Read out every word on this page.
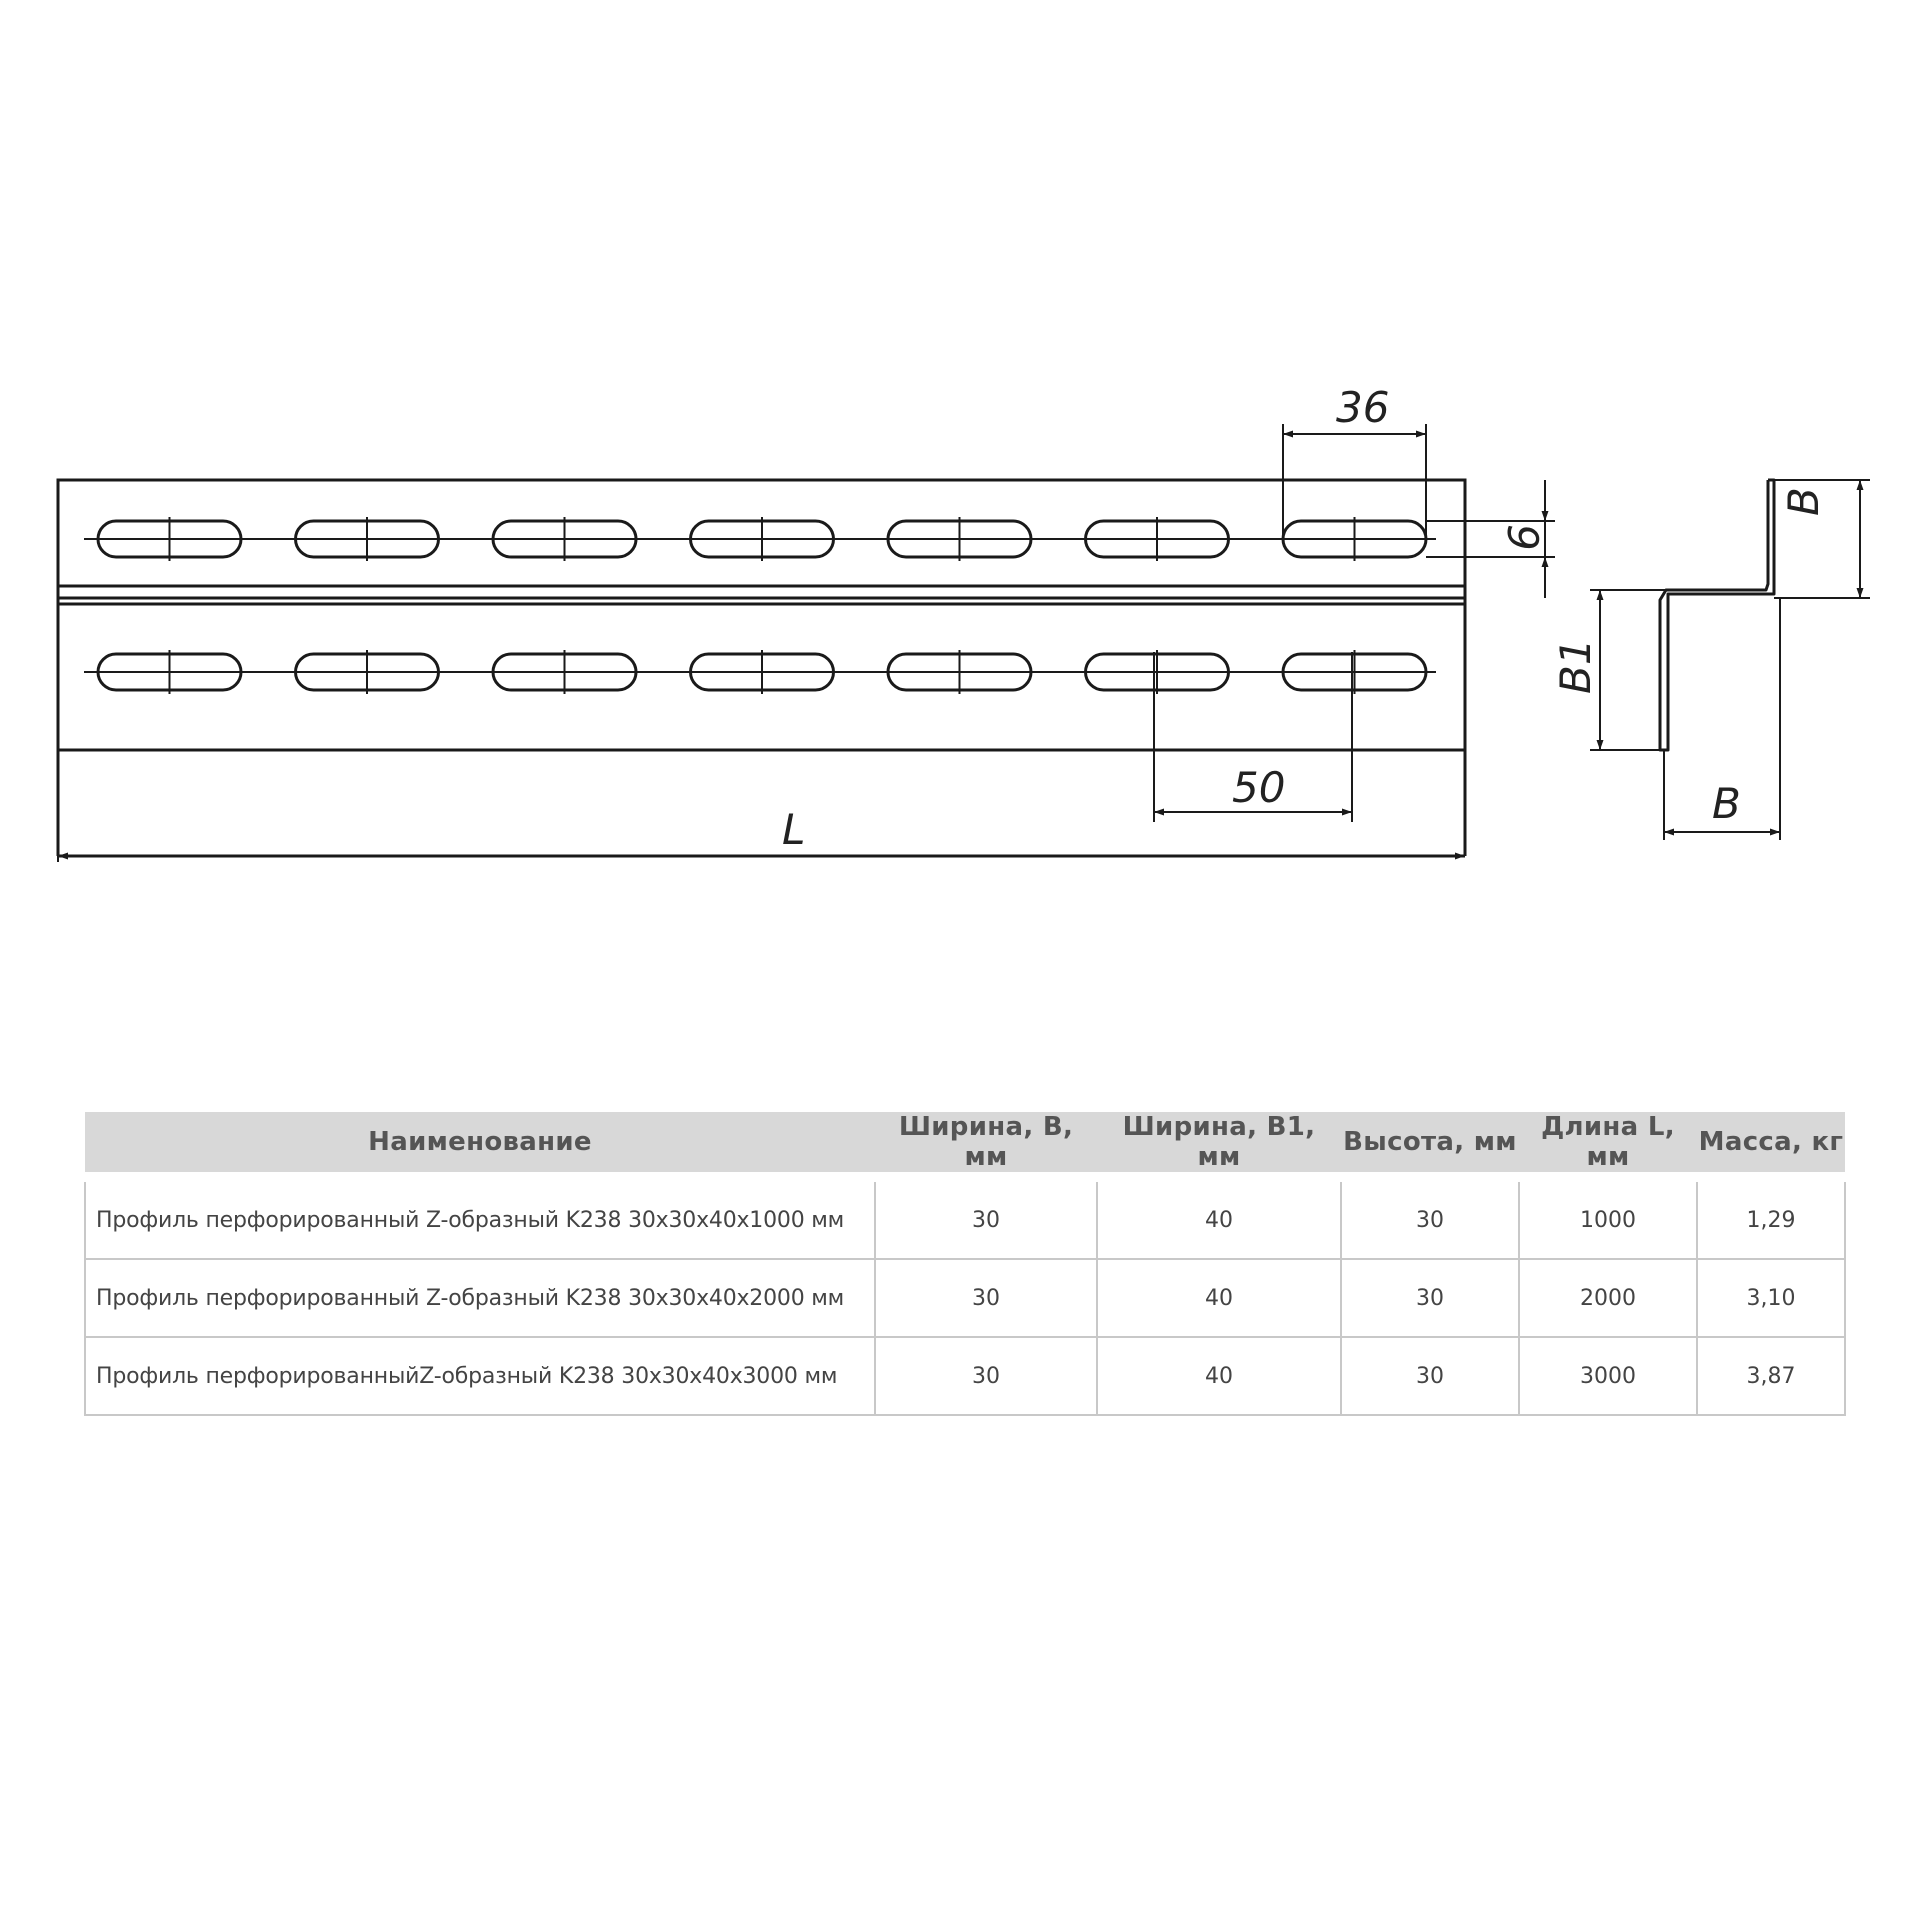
36
9
50
L
B
B1
B
Наименование	Ширина, В, мм	Ширина, В1, мм	Высота, мм	Длина L, мм	Масса, кг
Профиль перфорированный Z-образный K238 30x30x40x1000 мм	30	40	30	1000	1,29
Профиль перфорированный Z-образный K238 30x30x40x2000 мм	30	40	30	2000	3,10
Профиль перфорированныйZ-образный K238 30x30x40x3000 мм	30	40	30	3000	3,87
